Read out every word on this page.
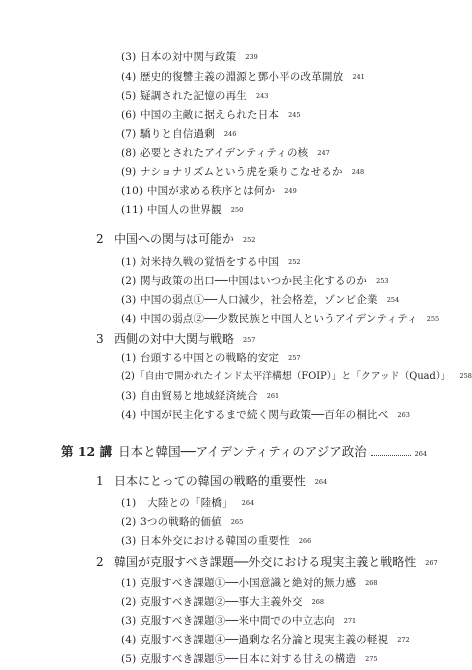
(3) 日本の対中関与政策 239
(4) 歴史的復讐主義の淵源と鄧小平の改革開放 241
(5) 疑調された記憶の再生 243
(6) 中国の主敵に据えられた日本 245
(7) 驕りと自信過剰 246
(8) 必要とされたアイデンティティの核 247
(9) ナショナリズムという虎を乗りこなせるか 248
(10) 中国が求める秩序とは何か 249
(11) 中国人の世界観 250
2 中国への関与は可能か 252
(1) 対米持久戦の覚悟をする中国 252
(2) 関与政策の出口──中国はいつか民主化するのか 253
(3) 中国の弱点①──人口減少，社会格差，ゾンビ企業 254
(4) 中国の弱点②──少数民族と中国人というアイデンティティ 255
3 西側の対中大関与戦略 257
(1) 台頭する中国との戦略的安定 257
(2)「自由で開かれたインド太平洋構想（FOIP）」と「クアッド（Quad）」 258
(3) 自由貿易と地域経済統合 261
(4) 中国が民主化するまで続く関与政策──百年の桐比べ 263
第 12 講 日本と韓国──アイデンティティのアジア政治	264
1 日本にとっての韓国の戦略的重要性 264
(1)　大陸との「陸橋」 264
(2) 3つの戦略的価値 265
(3) 日本外交における韓国の重要性 266
2 韓国が克服すべき課題──外交における現実主義と戦略性 267
(1) 克服すべき課題①──小国意識と絶対的無力感 268
(2) 克服すべき課題②──事大主義外交 268
(3) 克服すべき課題③──米中間での中立志向 271
(4) 克服すべき課題④──過剰な名分論と現実主義の軽視 272
(5) 克服すべき課題⑤──日本に対する甘えの構造 275
